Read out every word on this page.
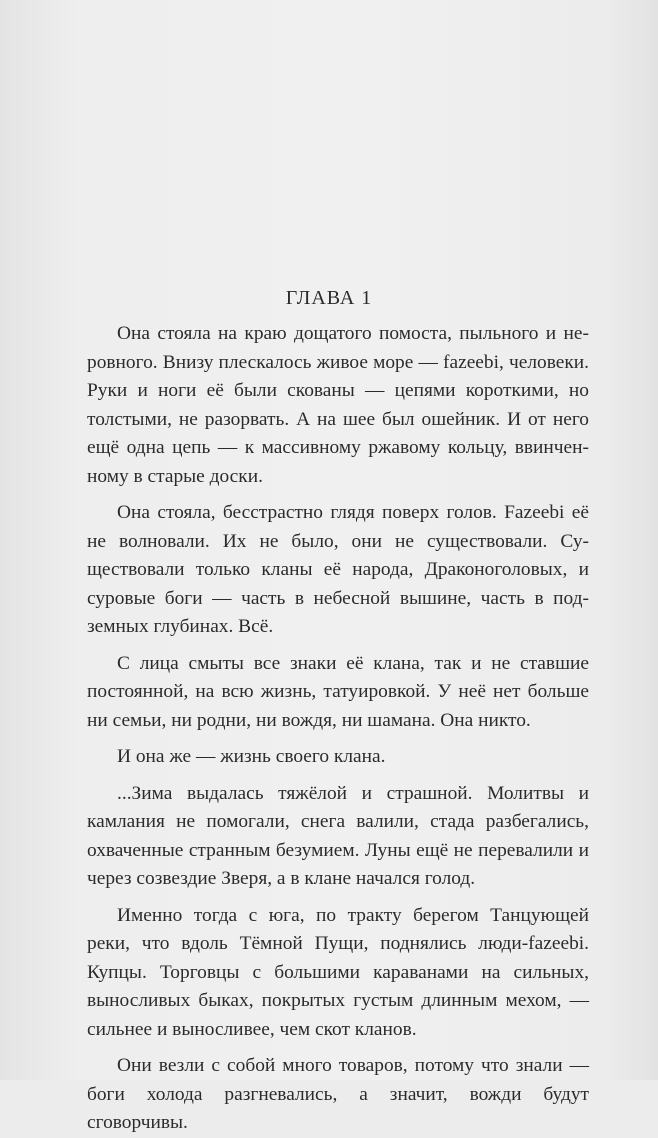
ГЛАВА 1

Она стояла на краю дощатого помоста, пыльного и неровного. Внизу плескалось живое море — fazeebi, человеки. Руки и ноги её были скованы — цепями короткими, но толстыми, не разорвать. А на шее был ошейник. И от него ещё одна цепь — к массивному ржавому кольцу, ввинченному в старые доски.

Она стояла, бесстрастно глядя поверх голов. Fazeebi её не волновали. Их не было, они не существовали. Существовали только кланы её народа, Драконоголовых, и суровые боги — часть в небесной вышине, часть в подземных глубинах. Всё.

С лица смыты все знаки её клана, так и не ставшие постоянной, на всю жизнь, татуировкой. У неё нет больше ни семьи, ни родни, ни вождя, ни шамана. Она никто.

И она же — жизнь своего клана.

...Зима выдалась тяжёлой и страшной. Молитвы и камлания не помогали, снега валили, стада разбегались, охваченные странным безумием. Луны ещё не перевалили и через созвездие Зверя, а в клане начался голод.

Именно тогда с юга, по тракту берегом Танцующей реки, что вдоль Тёмной Пущи, поднялись люди-fazeebi. Купцы. Торговцы с большими караванами на сильных, выносливых быках, покрытых густым длинным мехом, — сильнее и выносливее, чем скот кланов.

Они везли с собой много товаров, потому что знали — боги холода разгневались, а значит, вожди будут сговорчивы.
